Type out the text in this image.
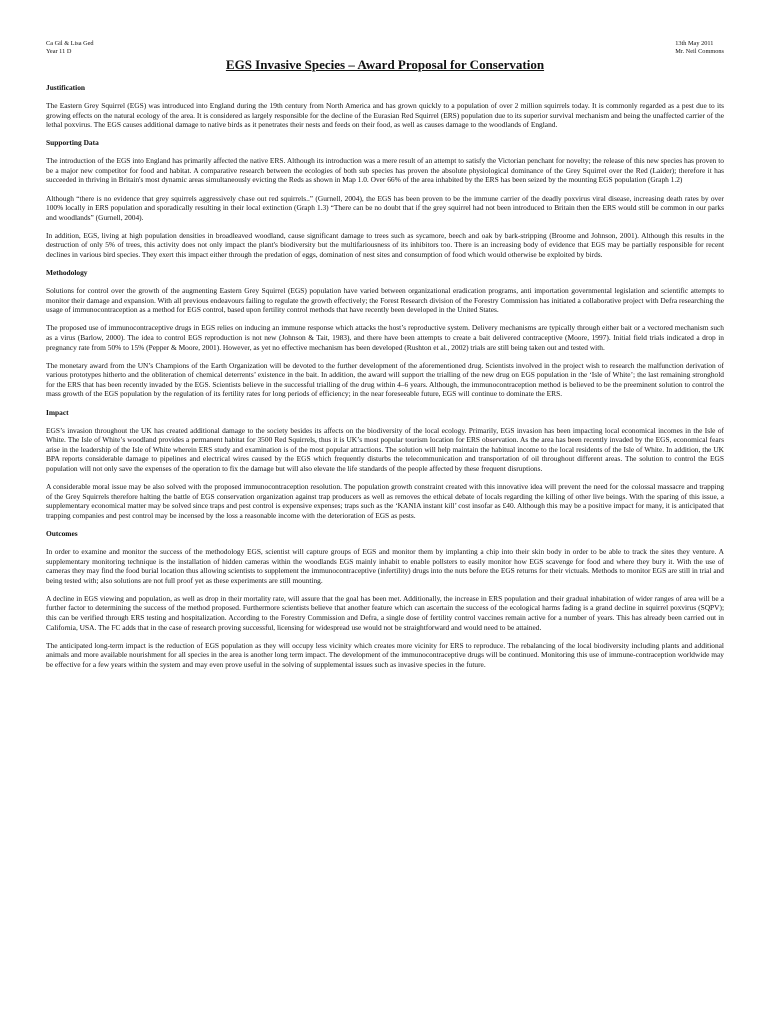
Ca Gil & Lisa Ged
Year 11 D
13th May 2011
Mr. Neil Commons
EGS Invasive Species – Award Proposal for Conservation
Justification

The Eastern Grey Squirrel (EGS) was introduced into England during the 19th century from North America and has grown quickly to a population of over 2 million squirrels today. It is commonly regarded as a pest due to its growing effects on the natural ecology of the area. It is considered as largely responsible for the decline of the Eurasian Red Squirrel (ERS) population due to its superior survival mechanism and being the unaffected carrier of the lethal poxvirus. The EGS causes additional damage to native birds as it penetrates their nests and feeds on their food, as well as causes damage to the woodlands of England.

Supporting Data

The introduction of the EGS into England has primarily affected the native ERS. Although its introduction was a mere result of an attempt to satisfy the Victorian penchant for novelty; the release of this new species has proven to be a major new competitor for food and habitat. A comparative research between the ecologies of both sub species has proven the absolute physiological dominance of the Grey Squirrel over the Red (Laider); therefore it has succeeded in thriving in Britain's most dynamic areas simultaneously evicting the Reds as shown in Map 1.0. Over 66% of the area inhabited by the ERS has been seized by the mounting EGS population (Graph 1.2)

Although “there is no evidence that grey squirrels aggressively chase out red squirrels..” (Gurnell, 2004), the EGS has been proven to be the immune carrier of the deadly poxvirus viral disease, increasing death rates by over 100% locally in ERS population and sporadically resulting in their local extinction (Graph 1.3) “There can be no doubt that if the grey squirrel had not been introduced to Britain then the ERS would still be common in our parks and woodlands” (Gurnell, 2004).

In addition, EGS, living at high population densities in broadleaved woodland, cause significant damage to trees such as sycamore, beech and oak by bark-stripping (Broome and Johnson, 2001). Although this results in the destruction of only 5% of trees, this activity does not only impact the plant's biodiversity but the multifariousness of its inhibitors too. There is an increasing body of evidence that EGS may be partially responsible for recent declines in various bird species. They exert this impact either through the predation of eggs, domination of nest sites and consumption of food which would otherwise be exploited by birds.

Methodology

Solutions for control over the growth of the augmenting Eastern Grey Squirrel (EGS) population have varied between organizational eradication programs, anti importation governmental legislation and scientific attempts to monitor their damage and expansion. With all previous endeavours failing to regulate the growth effectively; the Forest Research division of the Forestry Commission has initiated a collaborative project with Defra researching the usage of immunocontraception as a method for EGS control, based upon fertility control methods that have recently been developed in the United States.

The proposed use of immunocontraceptive drugs in EGS relies on inducing an immune response which attacks the host’s reproductive system. Delivery mechanisms are typically through either bait or a vectored mechanism such as a virus (Barlow, 2000). The idea to control EGS reproduction is not new (Johnson & Tait, 1983), and there have been attempts to create a bait delivered contraceptive (Moore, 1997). Initial field trials indicated a drop in pregnancy rate from 50% to 15% (Pepper & Moore, 2001). However, as yet no effective mechanism has been developed (Rushton et al., 2002) trials are still being taken out and tested with.

The monetary award from the UN’s Champions of the Earth Organization will be devoted to the further development of the aforementioned drug. Scientists involved in the project wish to research the malfunction derivation of various prototypes hitherto and the obliteration of chemical deterrents’ existence in the bait. In addition, the award will support the trialling of the new drug on EGS population in the ‘Isle of White’; the last remaining stronghold for the ERS that has been recently invaded by the EGS. Scientists believe in the successful trialling of the drug within 4–6 years. Although, the immunocontraception method is believed to be the preeminent solution to control the mass growth of the EGS population by the regulation of its fertility rates for long periods of efficiency; in the near foreseeable future, EGS will continue to dominate the ERS.

Impact

EGS’s invasion throughout the UK has created additional damage to the society besides its affects on the biodiversity of the local ecology. Primarily, EGS invasion has been impacting local economical incomes in the Isle of White. The Isle of White’s woodland provides a permanent habitat for 3500 Red Squirrels, thus it is UK’s most popular tourism location for ERS observation. As the area has been recently invaded by the EGS, economical fears arise in the leadership of the Isle of White wherein ERS study and examination is of the most popular attractions. The solution will help maintain the habitual income to the local residents of the Isle of White. In addition, the UK BPA reports considerable damage to pipelines and electrical wires caused by the EGS which frequently disturbs the telecommunication and transportation of oil throughout different areas. The solution to control the EGS population will not only save the expenses of the operation to fix the damage but will also elevate the life standards of the people affected by these frequent disruptions.

A considerable moral issue may be also solved with the proposed immunocontraception resolution. The population growth constraint created with this innovative idea will prevent the need for the colossal massacre and trapping of the Grey Squirrels therefore halting the battle of EGS conservation organization against trap producers as well as removes the ethical debate of locals regarding the killing of other live beings. With the sparing of this issue, a supplementary economical matter may be solved since traps and pest control is expensive expenses; traps such as the ‘KANIA instant kill’ cost insofar as £40. Although this may be a positive impact for many, it is anticipated that trapping companies and pest control may be incensed by the loss a reasonable income with the deterioration of EGS as pests.

Outcomes

In order to examine and monitor the success of the methodology EGS, scientist will capture groups of EGS and monitor them by implanting a chip into their skin body in order to be able to track the sites they venture. A supplementary monitoring technique is the installation of hidden cameras within the woodlands EGS mainly inhabit to enable pollsters to easily monitor how EGS scavenge for food and where they bury it. With the use of cameras they may find the food burial location thus allowing scientists to supplement the immunocontraceptive (infertility) drugs into the nuts before the EGS returns for their victuals. Methods to monitor EGS are still in trial and being tested with; also solutions are not full proof yet as these experiments are still mounting.

A decline in EGS viewing and population, as well as drop in their mortality rate, will assure that the goal has been met. Additionally, the increase in ERS population and their gradual inhabitation of wider ranges of area will be a further factor to determining the success of the method proposed. Furthermore scientists believe that another feature which can ascertain the success of the ecological harms fading is a grand decline in squirrel poxvirus (SQPV); this can be verified through ERS testing and hospitalization. According to the Forestry Commission and Defra, a single dose of fertility control vaccines remain active for a number of years. This has already been carried out in California, USA. The FC adds that in the case of research proving successful, licensing for widespread use would not be straightforward and would need to be attained.

The anticipated long-term impact is the reduction of EGS population as they will occupy less vicinity which creates more vicinity for ERS to reproduce. The rebalancing of the local biodiversity including plants and additional animals and more available nourishment for all species in the area is another long term impact. The development of the immunocontraceptive drugs will be continued. Monitoring this use of immune-contraception worldwide may be effective for a few years within the system and may even prove useful in the solving of supplemental issues such as invasive species in the future.
